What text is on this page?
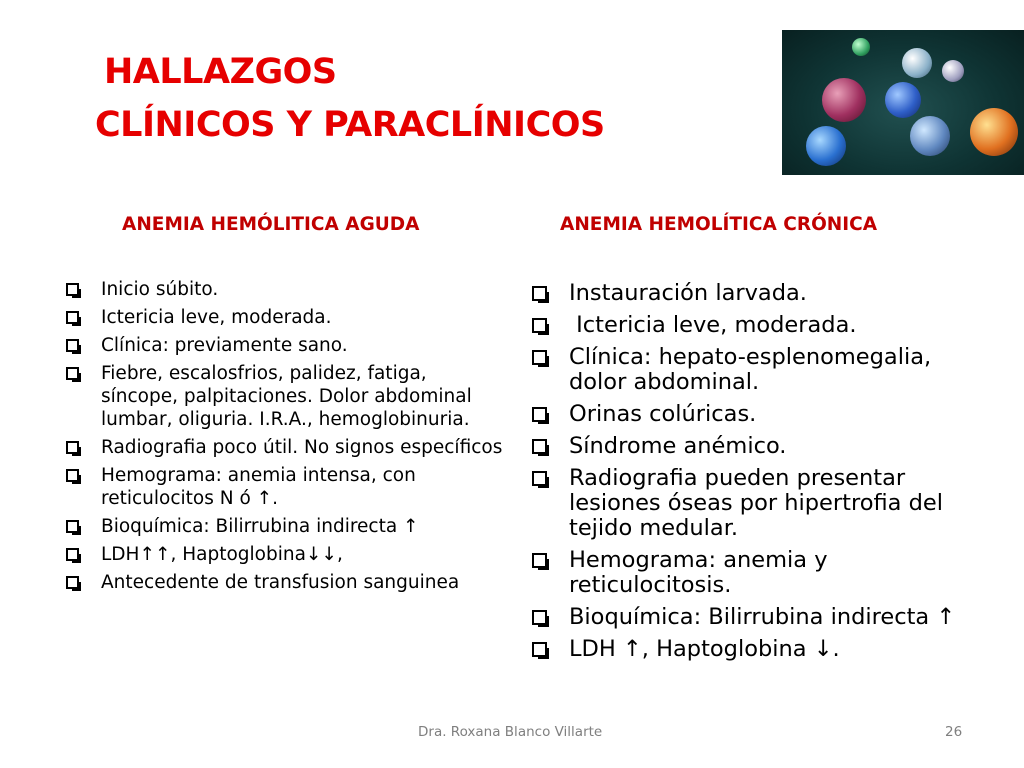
HALLAZGOS
CLÍNICOS Y PARACLÍNICOS
ANEMIA HEMÓLITICA AGUDA	ANEMIA HEMOLÍTICA CRÓNICA
Inicio súbito.
Ictericia leve, moderada.
Clínica: previamente sano.
Fiebre, escalosfrios, palidez, fatiga, síncope, palpitaciones. Dolor abdominal lumbar, oliguria. I.R.A., hemoglobinuria.
Radiografia poco útil. No signos específicos
Hemograma: anemia intensa, con reticulocitos N ó ↑.
Bioquímica: Bilirrubina indirecta ↑
LDH↑↑, Haptoglobina↓↓,
Antecedente de transfusion sanguinea
Instauración larvada.
Ictericia leve, moderada.
Clínica: hepato-esplenomegalia, dolor abdominal.
Orinas colúricas.
Síndrome anémico.
Radiografia pueden presentar lesiones óseas por hipertrofia del tejido medular.
Hemograma: anemia y reticulocitosis.
Bioquímica: Bilirrubina indirecta ↑
LDH ↑, Haptoglobina ↓.

Dra. Roxana Blanco Villarte	26
